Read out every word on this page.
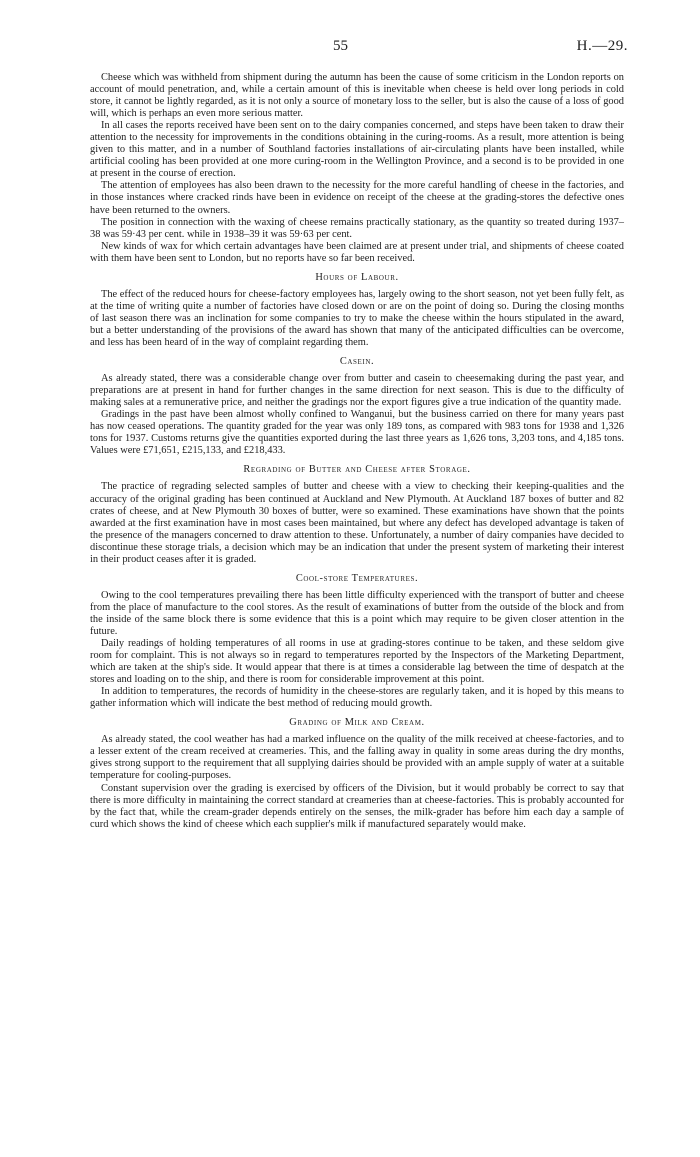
55	H.—29.

Cheese which was withheld from shipment during the autumn has been the cause of some criticism in the London reports on account of mould penetration, and, while a certain amount of this is inevitable when cheese is held over long periods in cold store, it cannot be lightly regarded, as it is not only a source of monetary loss to the seller, but is also the cause of a loss of good will, which is perhaps an even more serious matter.

In all cases the reports received have been sent on to the dairy companies concerned, and steps have been taken to draw their attention to the necessity for improvements in the conditions obtaining in the curing-rooms. As a result, more attention is being given to this matter, and in a number of Southland factories installations of air-circulating plants have been installed, while artificial cooling has been provided at one more curing-room in the Wellington Province, and a second is to be provided in one at present in the course of erection.

The attention of employees has also been drawn to the necessity for the more careful handling of cheese in the factories, and in those instances where cracked rinds have been in evidence on receipt of the cheese at the grading-stores the defective ones have been returned to the owners.

The position in connection with the waxing of cheese remains practically stationary, as the quantity so treated during 1937–38 was 59·43 per cent. while in 1938–39 it was 59·63 per cent.

New kinds of wax for which certain advantages have been claimed are at present under trial, and shipments of cheese coated with them have been sent to London, but no reports have so far been received.

Hours of Labour.

The effect of the reduced hours for cheese-factory employees has, largely owing to the short season, not yet been fully felt, as at the time of writing quite a number of factories have closed down or are on the point of doing so. During the closing months of last season there was an inclination for some companies to try to make the cheese within the hours stipulated in the award, but a better understanding of the provisions of the award has shown that many of the anticipated difficulties can be overcome, and less has been heard of in the way of complaint regarding them.

Casein.

As already stated, there was a considerable change over from butter and casein to cheesemaking during the past year, and preparations are at present in hand for further changes in the same direction for next season. This is due to the difficulty of making sales at a remunerative price, and neither the gradings nor the export figures give a true indication of the quantity made.

Gradings in the past have been almost wholly confined to Wanganui, but the business carried on there for many years past has now ceased operations. The quantity graded for the year was only 189 tons, as compared with 983 tons for 1938 and 1,326 tons for 1937. Customs returns give the quantities exported during the last three years as 1,626 tons, 3,203 tons, and 4,185 tons. Values were £71,651, £215,133, and £218,433.

Regrading of Butter and Cheese after Storage.

The practice of regrading selected samples of butter and cheese with a view to checking their keeping-qualities and the accuracy of the original grading has been continued at Auckland and New Plymouth. At Auckland 187 boxes of butter and 82 crates of cheese, and at New Plymouth 30 boxes of butter, were so examined. These examinations have shown that the points awarded at the first examination have in most cases been maintained, but where any defect has developed advantage is taken of the presence of the managers concerned to draw attention to these. Unfortunately, a number of dairy companies have decided to discontinue these storage trials, a decision which may be an indication that under the present system of marketing their interest in their product ceases after it is graded.

Cool-store Temperatures.

Owing to the cool temperatures prevailing there has been little difficulty experienced with the transport of butter and cheese from the place of manufacture to the cool stores. As the result of examinations of butter from the outside of the block and from the inside of the same block there is some evidence that this is a point which may require to be given closer attention in the future.

Daily readings of holding temperatures of all rooms in use at grading-stores continue to be taken, and these seldom give room for complaint. This is not always so in regard to temperatures reported by the Inspectors of the Marketing Department, which are taken at the ship's side. It would appear that there is at times a considerable lag between the time of despatch at the stores and loading on to the ship, and there is room for considerable improvement at this point.

In addition to temperatures, the records of humidity in the cheese-stores are regularly taken, and it is hoped by this means to gather information which will indicate the best method of reducing mould growth.

Grading of Milk and Cream.

As already stated, the cool weather has had a marked influence on the quality of the milk received at cheese-factories, and to a lesser extent of the cream received at creameries. This, and the falling away in quality in some areas during the dry months, gives strong support to the requirement that all supplying dairies should be provided with an ample supply of water at a suitable temperature for cooling-purposes.

Constant supervision over the grading is exercised by officers of the Division, but it would probably be correct to say that there is more difficulty in maintaining the correct standard at creameries than at cheese-factories. This is probably accounted for by the fact that, while the cream-grader depends entirely on the senses, the milk-grader has before him each day a sample of curd which shows the kind of cheese which each supplier's milk if manufactured separately would make.
